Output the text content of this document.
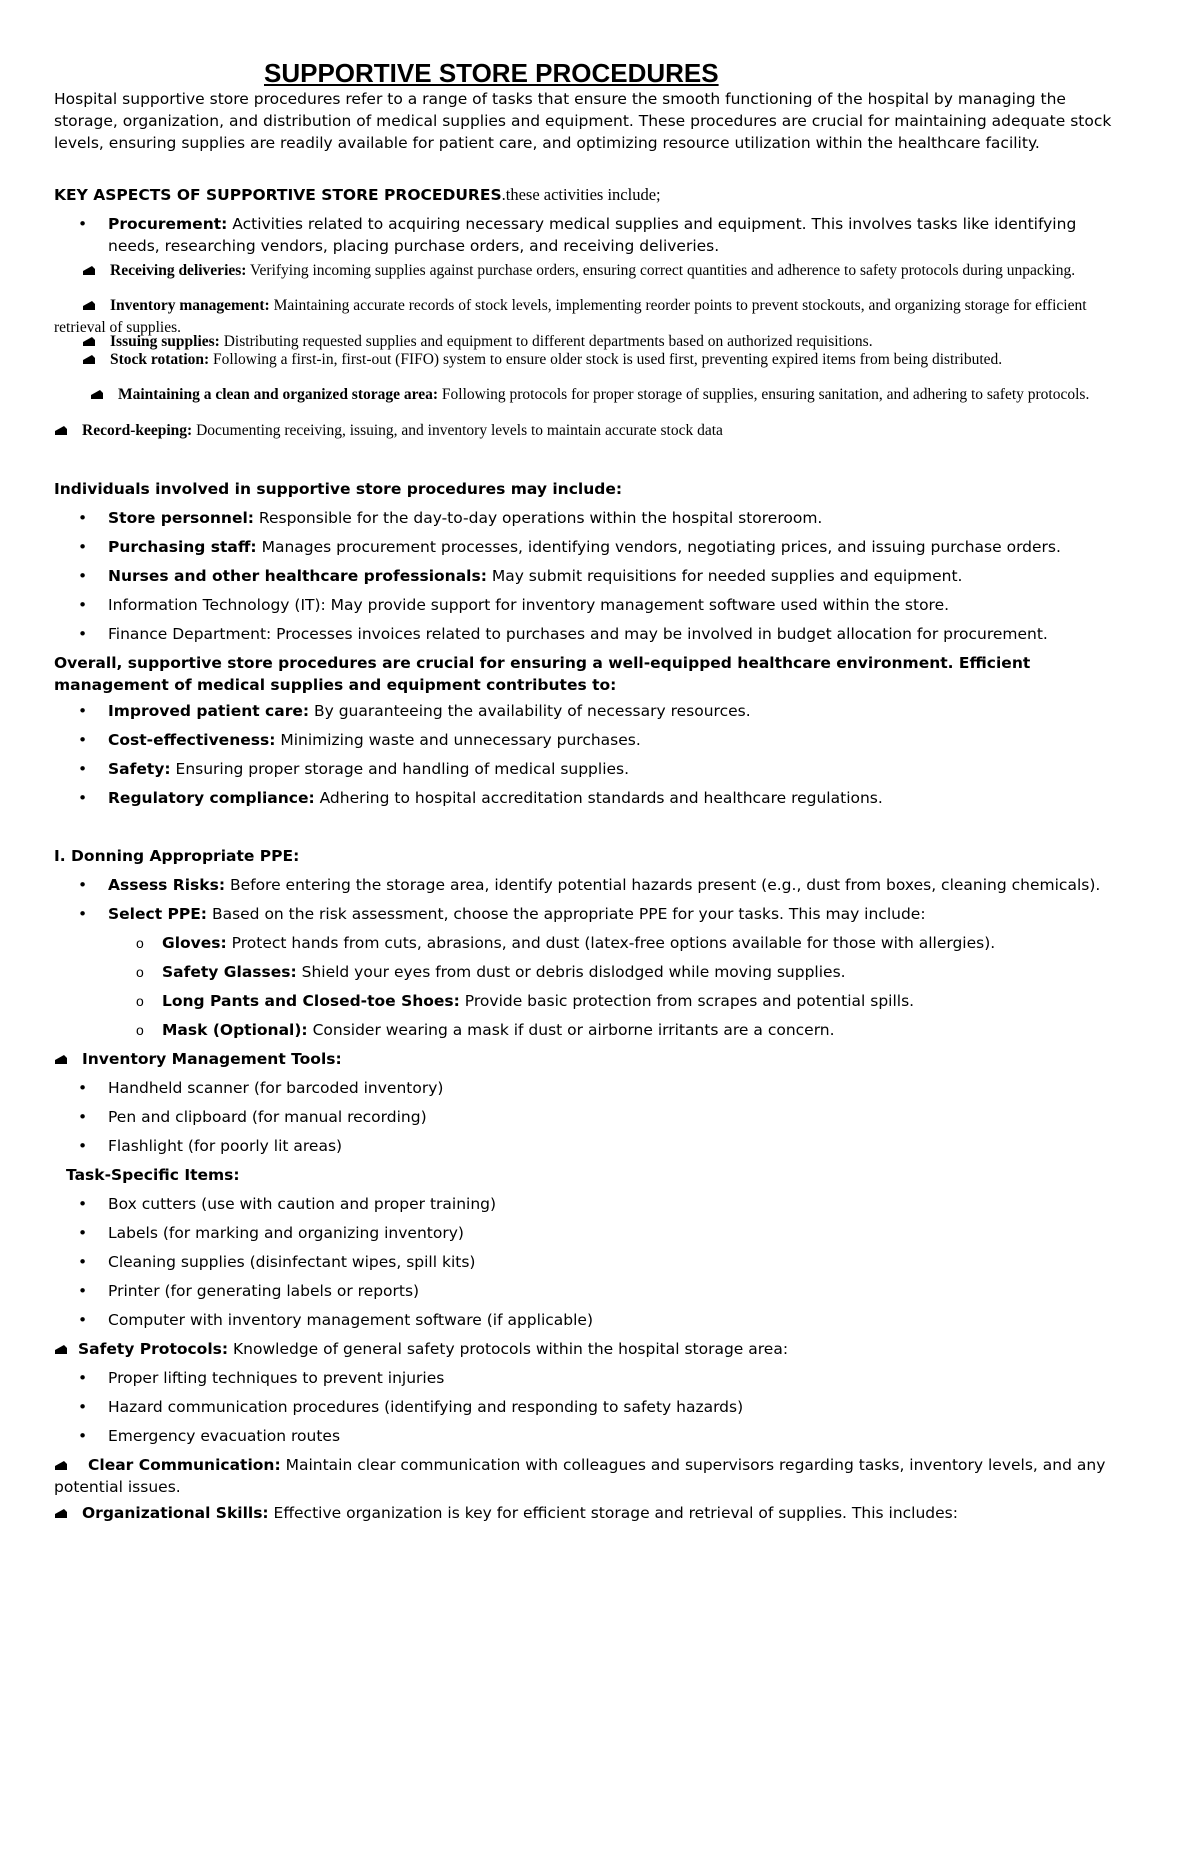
SUPPORTIVE STORE PROCEDURES

Hospital supportive store procedures refer to a range of tasks that ensure the smooth functioning of the hospital by managing the storage, organization, and distribution of medical supplies and equipment. These procedures are crucial for maintaining adequate stock levels, ensuring supplies are readily available for patient care, and optimizing resource utilization within the healthcare facility.

KEY ASPECTS OF SUPPORTIVE STORE PROCEDURES.these activities include;
• Procurement: Activities related to acquiring necessary medical supplies and equipment. This involves tasks like identifying needs, researching vendors, placing purchase orders, and receiving deliveries.
Receiving deliveries: Verifying incoming supplies against purchase orders, ensuring correct quantities and adherence to safety protocols during unpacking.
Inventory management: Maintaining accurate records of stock levels, implementing reorder points to prevent stockouts, and organizing storage for efficient retrieval of supplies.
Issuing supplies: Distributing requested supplies and equipment to different departments based on authorized requisitions.
Stock rotation: Following a first-in, first-out (FIFO) system to ensure older stock is used first, preventing expired items from being distributed.
Maintaining a clean and organized storage area: Following protocols for proper storage of supplies, ensuring sanitation, and adhering to safety protocols.
Record-keeping: Documenting receiving, issuing, and inventory levels to maintain accurate stock data
Individuals involved in supportive store procedures may include:
• Store personnel: Responsible for the day-to-day operations within the hospital storeroom.
• Purchasing staff: Manages procurement processes, identifying vendors, negotiating prices, and issuing purchase orders.
• Nurses and other healthcare professionals: May submit requisitions for needed supplies and equipment.
• Information Technology (IT): May provide support for inventory management software used within the store.
• Finance Department: Processes invoices related to purchases and may be involved in budget allocation for procurement.

Overall, supportive store procedures are crucial for ensuring a well-equipped healthcare environment. Efficient management of medical supplies and equipment contributes to:

• Improved patient care: By guaranteeing the availability of necessary resources.
• Cost-effectiveness: Minimizing waste and unnecessary purchases.
• Safety: Ensuring proper storage and handling of medical supplies.
• Regulatory compliance: Adhering to hospital accreditation standards and healthcare regulations.
I. Donning Appropriate PPE:
• Assess Risks: Before entering the storage area, identify potential hazards present (e.g., dust from boxes, cleaning chemicals).
• Select PPE: Based on the risk assessment, choose the appropriate PPE for your tasks. This may include:
o Gloves: Protect hands from cuts, abrasions, and dust (latex-free options available for those with allergies).
o Safety Glasses: Shield your eyes from dust or debris dislodged while moving supplies.
o Long Pants and Closed-toe Shoes: Provide basic protection from scrapes and potential spills.
o Mask (Optional): Consider wearing a mask if dust or airborne irritants are a concern.
Inventory Management Tools:
• Handheld scanner (for barcoded inventory)
• Pen and clipboard (for manual recording)
• Flashlight (for poorly lit areas)
Task-Specific Items:
• Box cutters (use with caution and proper training)
• Labels (for marking and organizing inventory)
• Cleaning supplies (disinfectant wipes, spill kits)
• Printer (for generating labels or reports)
• Computer with inventory management software (if applicable)
Safety Protocols: Knowledge of general safety protocols within the hospital storage area:
• Proper lifting techniques to prevent injuries
• Hazard communication procedures (identifying and responding to safety hazards)
• Emergency evacuation routes
Clear Communication: Maintain clear communication with colleagues and supervisors regarding tasks, inventory levels, and any potential issues.
Organizational Skills: Effective organization is key for efficient storage and retrieval of supplies. This includes:
